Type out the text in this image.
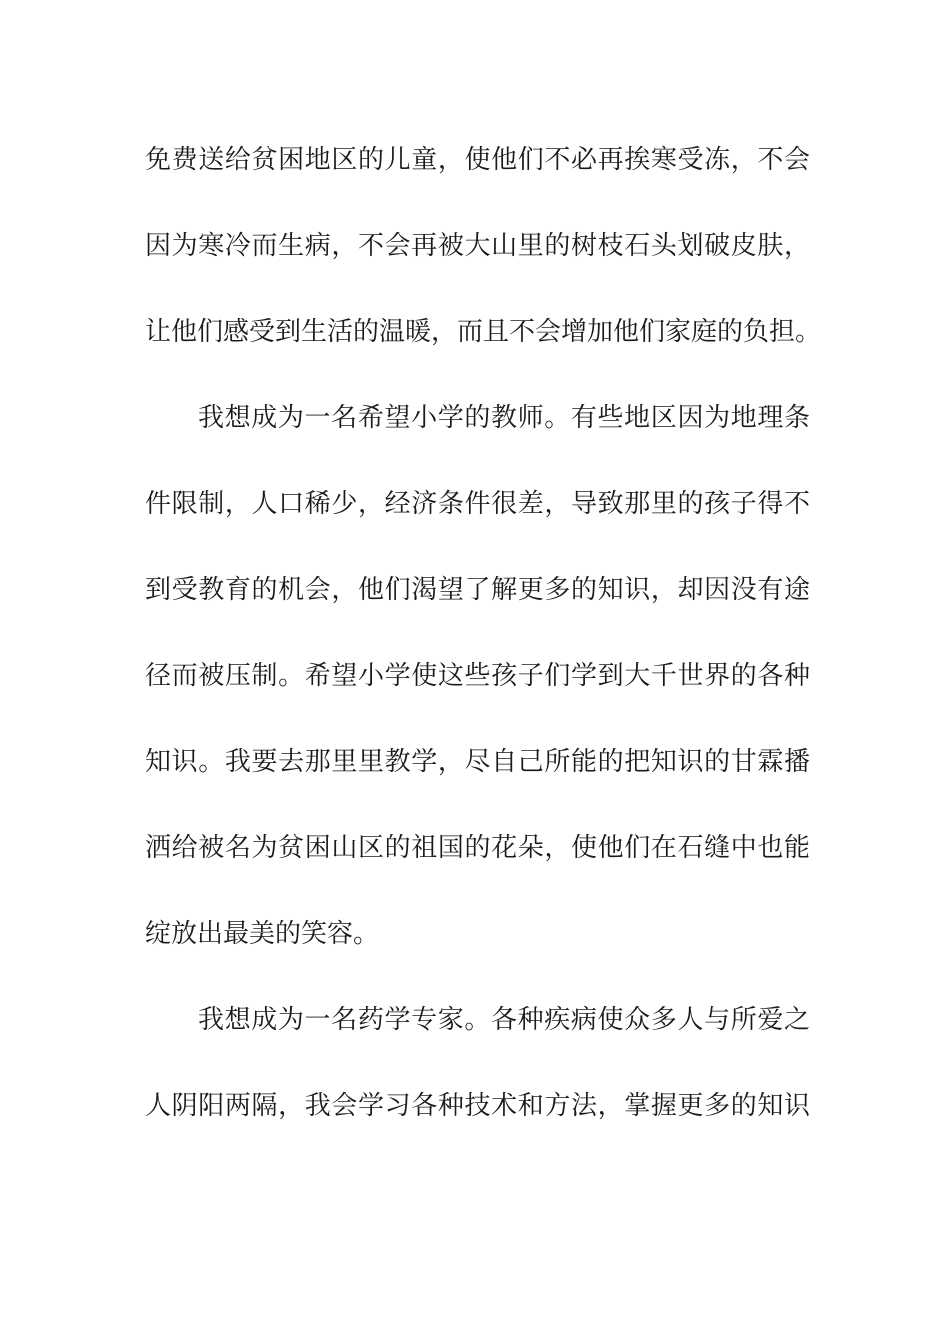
免费送给贫困地区的儿童，使他们不必再挨寒受冻，不会
因为寒冷而生病，不会再被大山里的树枝石头划破皮肤，
让他们感受到生活的温暖，而且不会增加他们家庭的负担。
我想成为一名希望小学的教师。有些地区因为地理条
件限制，人口稀少，经济条件很差，导致那里的孩子得不
到受教育的机会，他们渴望了解更多的知识，却因没有途
径而被压制。希望小学使这些孩子们学到大千世界的各种
知识。我要去那里里教学，尽自己所能的把知识的甘霖播
洒给被名为贫困山区的祖国的花朵，使他们在石缝中也能
绽放出最美的笑容。
我想成为一名药学专家。各种疾病使众多人与所爱之
人阴阳两隔，我会学习各种技术和方法，掌握更多的知识
